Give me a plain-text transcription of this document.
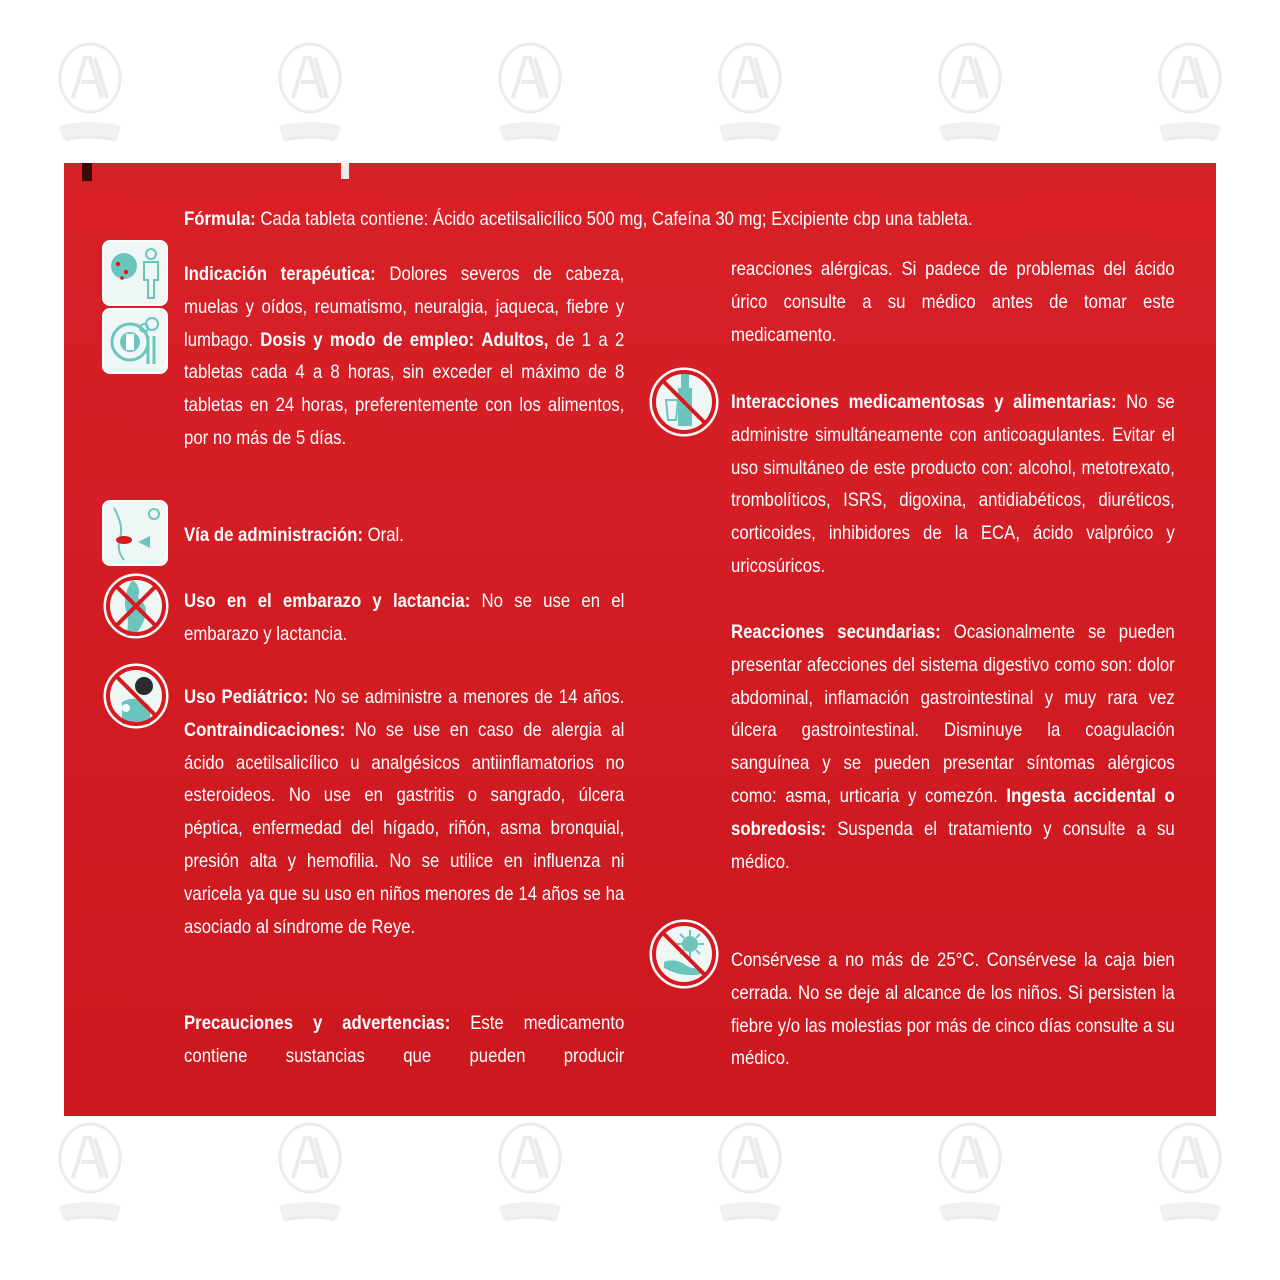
Fórmula: Cada tableta contiene: Ácido acetilsalicílico 500 mg, Cafeína 30 mg; Excipiente cbp una tableta.
Indicación terapéutica: Dolores severos de cabeza, muelas y oídos, reumatismo, neuralgia, jaqueca, fiebre y lumbago. Dosis y modo de empleo: Adultos, de 1 a 2 tabletas cada 4 a 8 horas, sin exceder el máximo de 8 tabletas en 24 horas, preferentemente con los alimentos, por no más de 5 días.
Vía de administración: Oral.
Uso en el embarazo y lactancia: No se use en el embarazo y lactancia.
Uso Pediátrico: No se administre a menores de 14 años. Contraindicaciones: No se use en caso de alergia al ácido acetilsalicílico u analgésicos antiinflamatorios no esteroideos. No use en gastritis o sangrado, úlcera péptica, enfermedad del hígado, riñón, asma bronquial, presión alta y hemofilia. No se utilice en influenza ni varicela ya que su uso en niños menores de 14 años se ha asociado al síndrome de Reye.
Precauciones y advertencias: Este medicamento
contiene sustancias que pueden producir
reacciones alérgicas. Si padece de problemas del ácido úrico consulte a su médico antes de tomar este medicamento.
Interacciones medicamentosas y alimentarias: No se administre simultáneamente con anticoagulantes. Evitar el uso simultáneo de este producto con: alcohol, metotrexato, trombolíticos, ISRS, digoxina, antidiabéticos, diuréticos, corticoides, inhibidores de la ECA, ácido valpróico y uricosúricos.
Reacciones secundarias: Ocasionalmente se pueden presentar afecciones del sistema digestivo como son: dolor abdominal, inflamación gastrointestinal y muy rara vez úlcera gastrointestinal. Disminuye la coagulación sanguínea y se pueden presentar síntomas alérgicos como: asma, urticaria y comezón. Ingesta accidental o sobredosis: Suspenda el tratamiento y consulte a su médico.
Consérvese a no más de 25°C. Consérvese la caja bien cerrada. No se deje al alcance de los niños. Si persisten la fiebre y/o las molestias por más de cinco días consulte a su médico.
